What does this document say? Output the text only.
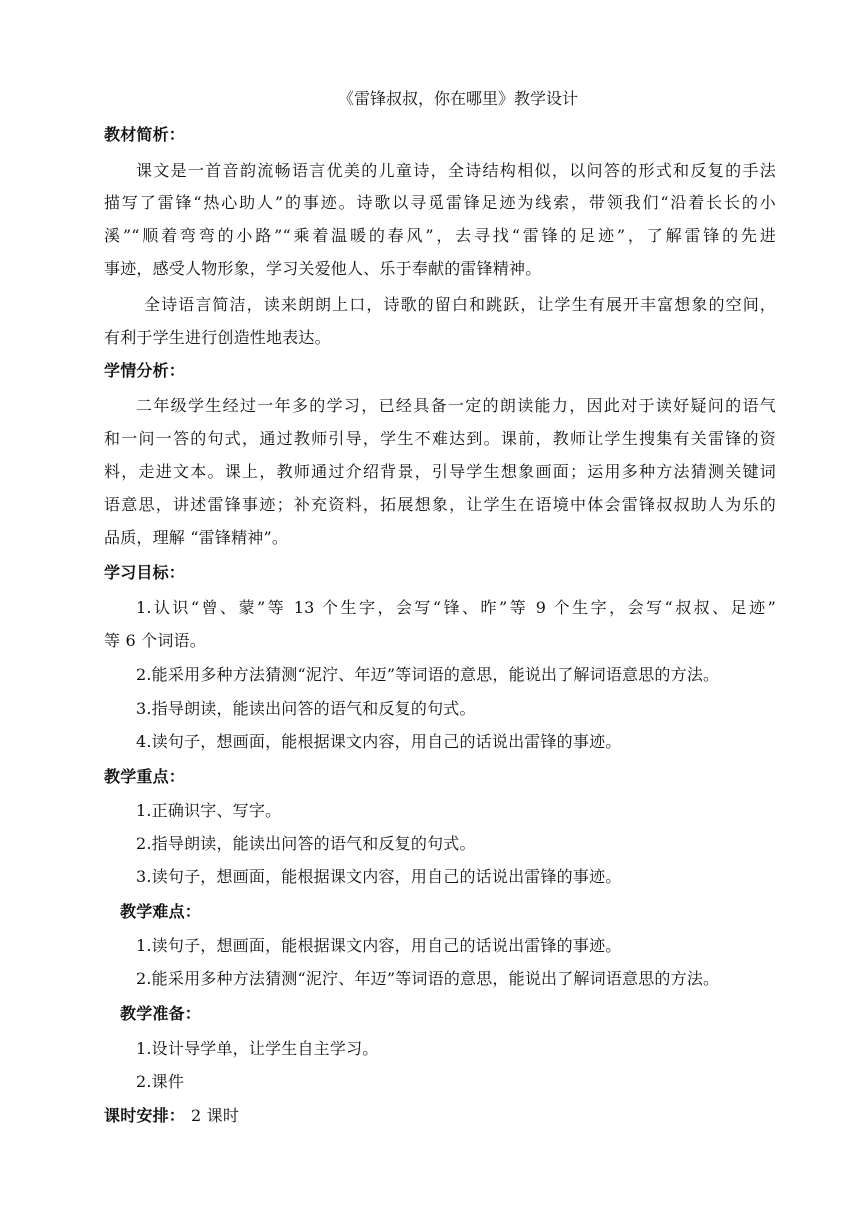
《雷锋叔叔，你在哪里》教学设计
教材简析：
课文是一首音韵流畅语言优美的儿童诗，全诗结构相似，以问答的形式和反复的手法
描写了雷锋“热心助人”的事迹。诗歌以寻觅雷锋足迹为线索，带领我们“沿着长长的小
溪”“顺着弯弯的小路”“乘着温暖的春风”，去寻找“雷锋的足迹”，了解雷锋的先进
事迹，感受人物形象，学习关爱他人、乐于奉献的雷锋精神。
全诗语言简洁，读来朗朗上口，诗歌的留白和跳跃，让学生有展开丰富想象的空间，
有利于学生进行创造性地表达。
学情分析：
二年级学生经过一年多的学习，已经具备一定的朗读能力，因此对于读好疑问的语气
和一问一答的句式，通过教师引导，学生不难达到。课前，教师让学生搜集有关雷锋的资
料，走进文本。课上，教师通过介绍背景，引导学生想象画面；运用多种方法猜测关键词
语意思，讲述雷锋事迹；补充资料，拓展想象，让学生在语境中体会雷锋叔叔助人为乐的
品质，理解 “雷锋精神”。
学习目标：
1.认识“曾、蒙”等 13 个生字，会写“锋、昨”等 9 个生字，会写“叔叔、足迹”
等 6 个词语。
2.能采用多种方法猜测“泥泞、年迈”等词语的意思，能说出了解词语意思的方法。
3.指导朗读，能读出问答的语气和反复的句式。
4.读句子，想画面，能根据课文内容，用自己的话说出雷锋的事迹。
教学重点：
1.正确识字、写字。
2.指导朗读，能读出问答的语气和反复的句式。
3.读句子，想画面，能根据课文内容，用自己的话说出雷锋的事迹。
教学难点：
1.读句子，想画面，能根据课文内容，用自己的话说出雷锋的事迹。
2.能采用多种方法猜测“泥泞、年迈”等词语的意思，能说出了解词语意思的方法。
教学准备：
1.设计导学单，让学生自主学习。
2.课件
课时安排： 2 课时
